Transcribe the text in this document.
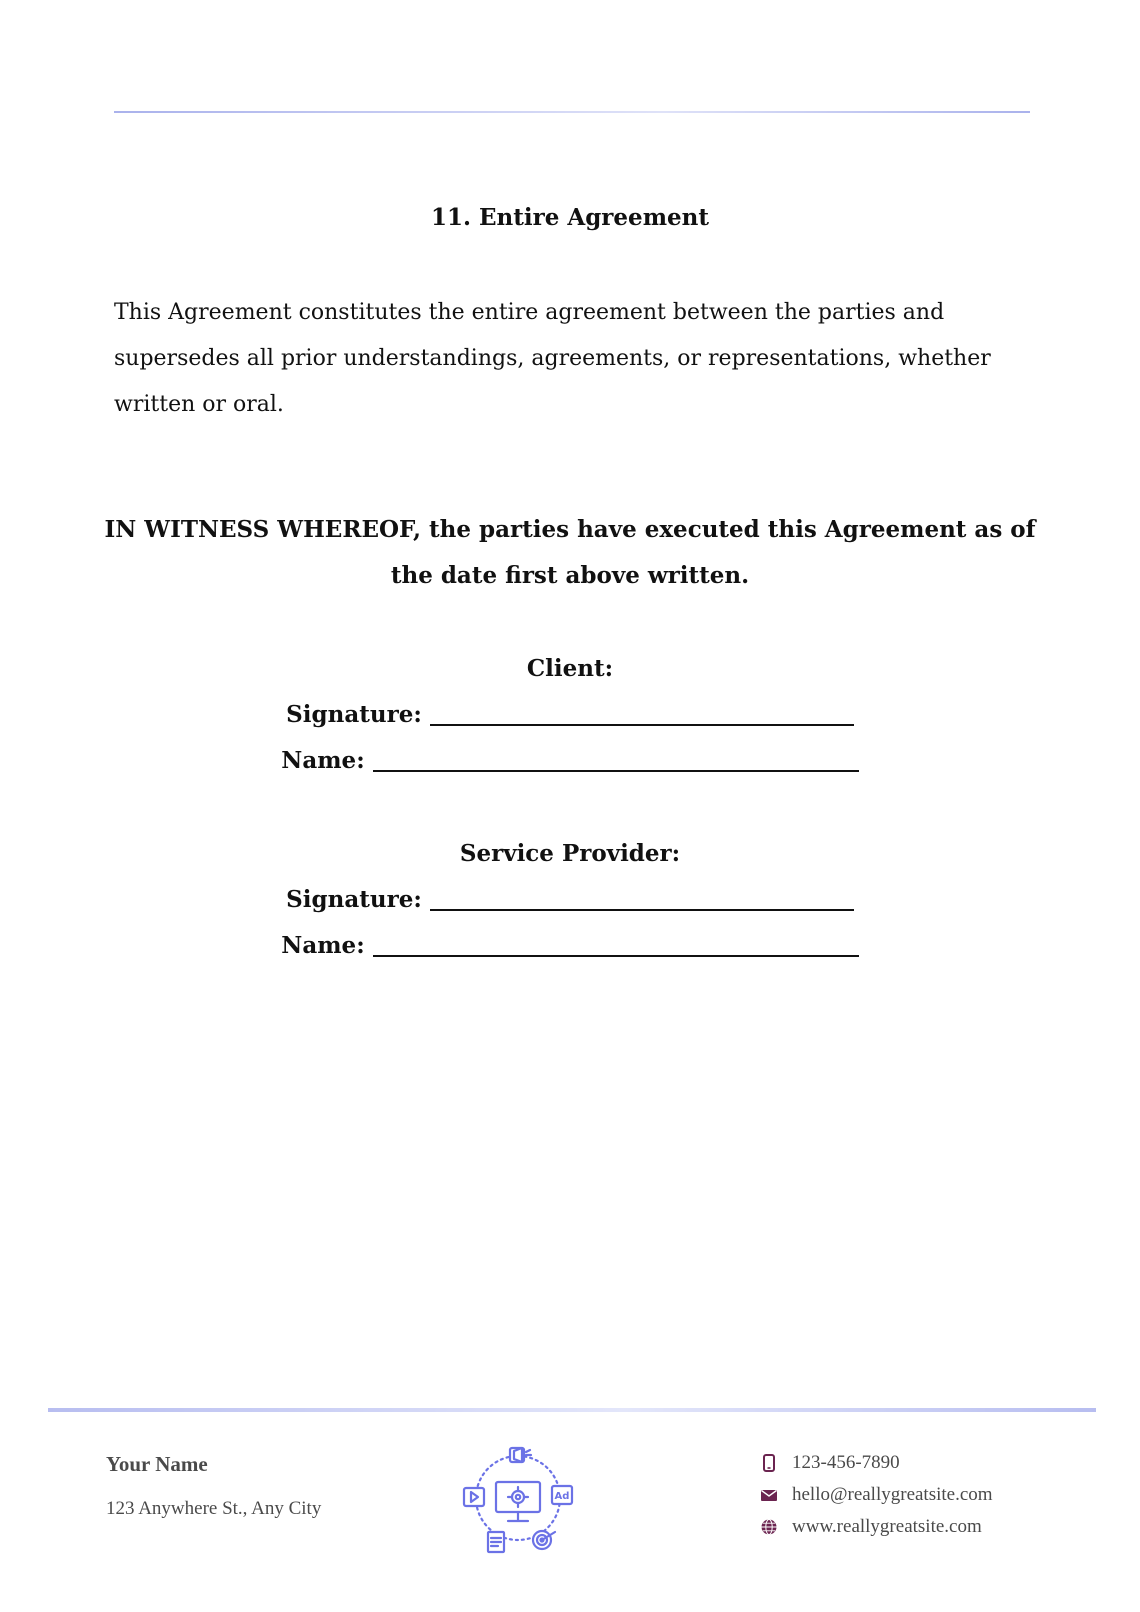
11. Entire Agreement

This Agreement constitutes the entire agreement between the parties and supersedes all prior understandings, agreements, or representations, whether written or oral.

IN WITNESS WHEREOF, the parties have executed this Agreement as of the date first above written.

Client:
Signature:
Name:
Service Provider:
Signature:
Name:
Your Name
123 Anywhere St., Any City
Ad
123-456-7890
hello@reallygreatsite.com
www.reallygreatsite.com
